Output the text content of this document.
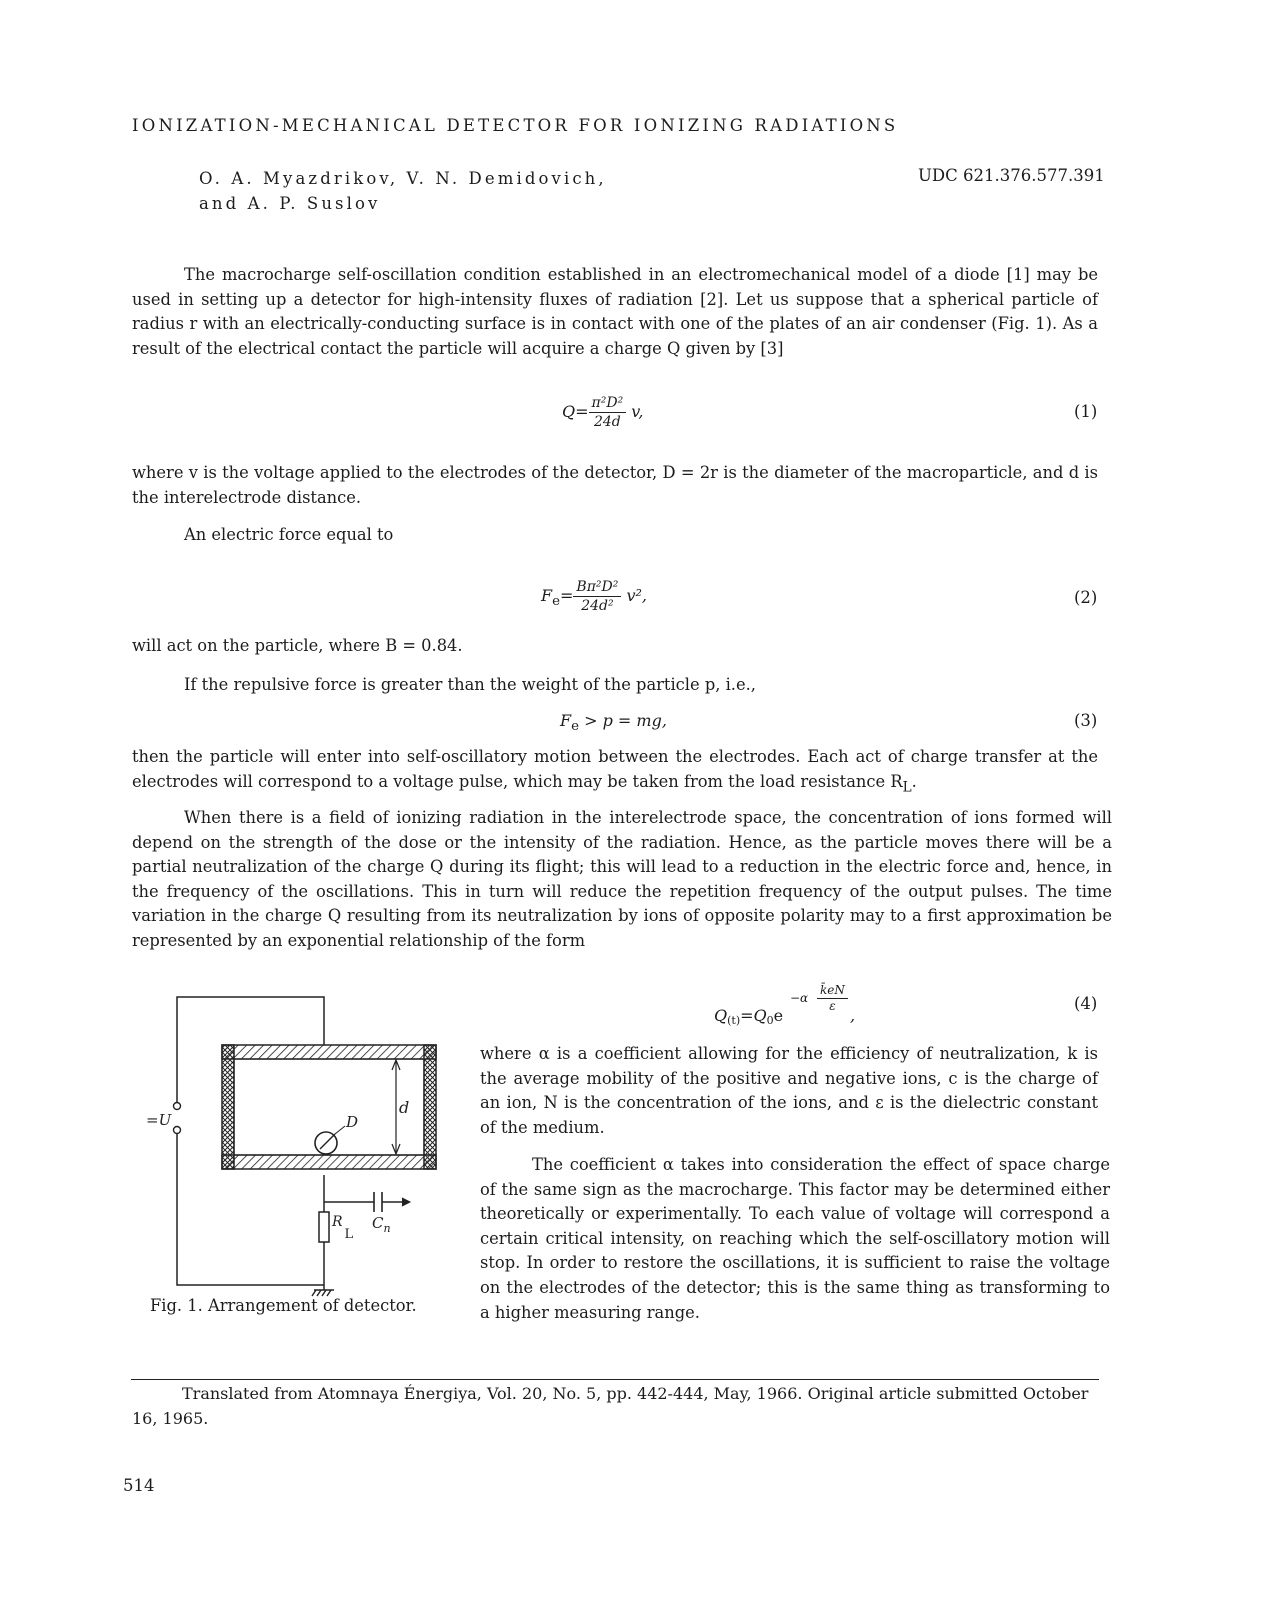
IONIZATION-MECHANICAL DETECTOR FOR IONIZING RADIATIONS
O. A. Myazdrikov, V. N. Demidovich,
and A. P. Suslov
UDC 621.376.577.391
The macrocharge self-oscillation condition established in an electromechanical model of a diode [1] may be used in setting up a detector for high-intensity fluxes of radiation [2]. Let us suppose that a spherical particle of radius r with an electrically-conducting surface is in contact with one of the plates of an air condenser (Fig. 1). As a result of the electrical contact the particle will acquire a charge Q given by [3]
$Q= \frac{\text{π²D²}}{24d} v$,	(1)
where v is the voltage applied to the electrodes of the detector, D = 2r is the diameter of the macroparticle, and d is the interelectrode distance.
An electric force equal to
$F_e= \frac{\text{Bπ²D²}}{\text{24d²}} v^2$,	(2)
will act on the particle, where B = 0.84.
If the repulsive force is greater than the weight of the particle p, i.e.,
$F_e > p$ = mg,	(3)
then the particle will enter into self-oscillatory motion between the electrodes. Each act of charge transfer at the electrodes will correspond to a voltage pulse, which may be taken from the load resistance $R_L$.
When there is a field of ionizing radiation in the interelectrode space, the concentration of ions formed will depend on the strength of the dose or the intensity of the radiation. Hence, as the particle moves there will be a partial neutralization of the charge Q during its flight; this will lead to a reduction in the electric force and, hence, in the frequency of the oscillations. This in turn will reduce the repetition frequency of the output pulses. The time variation in the charge Q resulting from its neutralization by ions of opposite polarity may to a first approximation be represented by an exponential relationship of the form
d
D
=U
$C_n$
RL
Fig. 1. Arrangement of detector.
Q(t)=Q0e
$-\alpha \frac{k̄eN}{\varepsilon}$
,
(4)
where α is a coefficient allowing for the efficiency of neutralization, k is the average mobility of the positive and negative ions, c is the charge of an ion, N is the concentration of the ions, and ε is the dielectric constant of the medium.
The coefficient α takes into consideration the effect of space charge of the same sign as the macrocharge. This factor may be determined either theoretically or experimentally. To each value of voltage will correspond a certain critical intensity, on reaching which the self-oscillatory motion will stop. In order to restore the oscillations, it is sufficient to raise the voltage on the electrodes of the detector; this is the same thing as transforming to a higher measuring range.
Translated from Atomnaya Énergiya, Vol. 20, No. 5, pp. 442-444, May, 1966. Original article submitted October 16, 1965.
514
